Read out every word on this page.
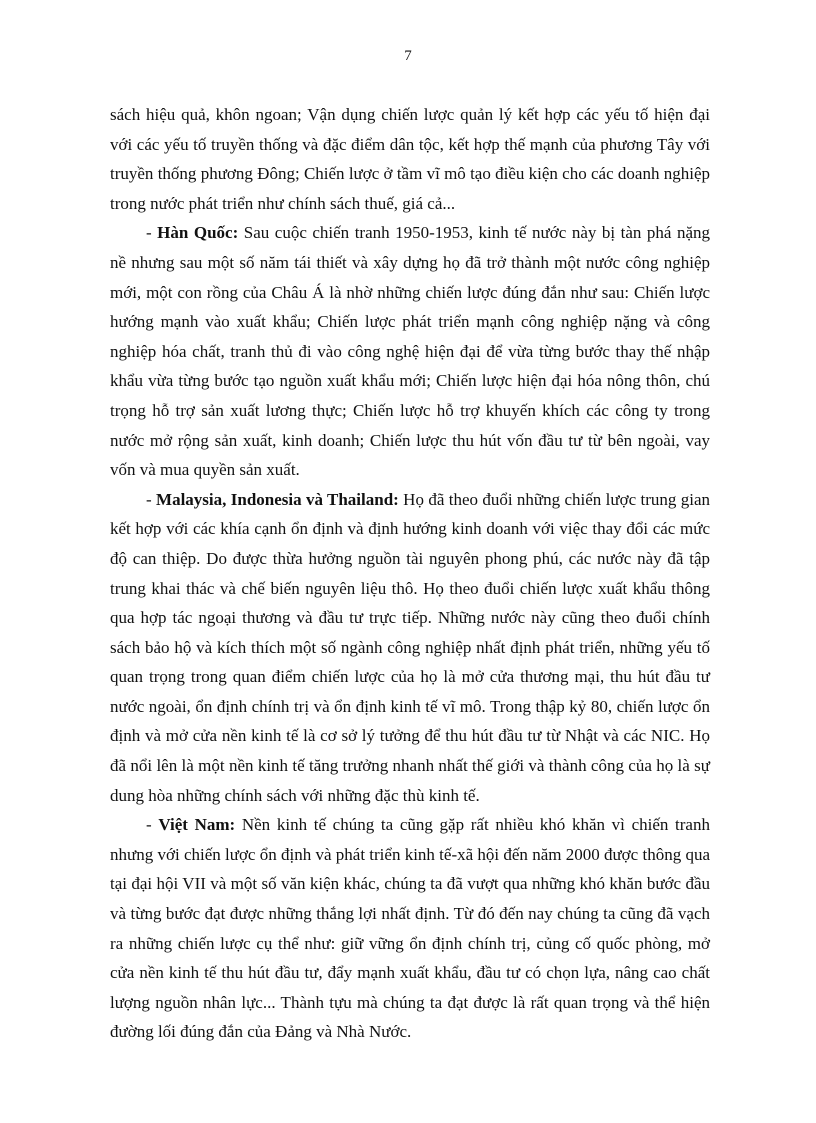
7

sách hiệu quả, khôn ngoan; Vận dụng chiến lược quản lý kết hợp các yếu tố hiện đại với các yếu tố truyền thống và đặc điểm dân tộc, kết hợp thế mạnh của phương Tây với truyền thống phương Đông; Chiến lược ở tầm vĩ mô tạo điều kiện cho các doanh nghiệp trong nước phát triển như chính sách thuế, giá cả...

- Hàn Quốc: Sau cuộc chiến tranh 1950-1953, kinh tế nước này bị tàn phá nặng nề nhưng sau một số năm tái thiết và xây dựng họ đã trở thành một nước công nghiệp mới, một con rồng của Châu Á là nhờ những chiến lược đúng đắn như sau: Chiến lược hướng mạnh vào xuất khẩu; Chiến lược phát triển mạnh công nghiệp nặng và công nghiệp hóa chất, tranh thủ đi vào công nghệ hiện đại để vừa từng bước thay thế nhập khẩu vừa từng bước tạo nguồn xuất khẩu mới; Chiến lược hiện đại hóa nông thôn, chú trọng hỗ trợ sản xuất lương thực; Chiến lược hỗ trợ khuyến khích các công ty trong nước mở rộng sản xuất, kinh doanh; Chiến lược thu hút vốn đầu tư từ bên ngoài, vay vốn và mua quyền sản xuất.

- Malaysia, Indonesia và Thailand: Họ đã theo đuổi những chiến lược trung gian kết hợp với các khía cạnh ổn định và định hướng kinh doanh với việc thay đổi các mức độ can thiệp. Do được thừa hưởng nguồn tài nguyên phong phú, các nước này đã tập trung khai thác và chế biến nguyên liệu thô. Họ theo đuổi chiến lược xuất khẩu thông qua hợp tác ngoại thương và đầu tư trực tiếp. Những nước này cũng theo đuổi chính sách bảo hộ và kích thích một số ngành công nghiệp nhất định phát triển, những yếu tố quan trọng trong quan điểm chiến lược của họ là mở cửa thương mại, thu hút đầu tư nước ngoài, ổn định chính trị và ổn định kinh tế vĩ mô. Trong thập kỷ 80, chiến lược ổn định và mở cửa nền kinh tế là cơ sở lý tưởng để thu hút đầu tư từ Nhật và các NIC. Họ đã nổi lên là một nền kinh tế tăng trưởng nhanh nhất thế giới và thành công của họ là sự dung hòa những chính sách với những đặc thù kinh tế.

- Việt Nam: Nền kinh tế chúng ta cũng gặp rất nhiều khó khăn vì chiến tranh nhưng với chiến lược ổn định và phát triển kinh tế-xã hội đến năm 2000 được thông qua tại đại hội VII và một số văn kiện khác, chúng ta đã vượt qua những khó khăn bước đầu và từng bước đạt được những thắng lợi nhất định. Từ đó đến nay chúng ta cũng đã vạch ra những chiến lược cụ thể như: giữ vững ổn định chính trị, củng cố quốc phòng, mở cửa nền kinh tế thu hút đầu tư, đẩy mạnh xuất khẩu, đầu tư có chọn lựa, nâng cao chất lượng nguồn nhân lực... Thành tựu mà chúng ta đạt được là rất quan trọng và thể hiện đường lối đúng đắn của Đảng và Nhà Nước.
